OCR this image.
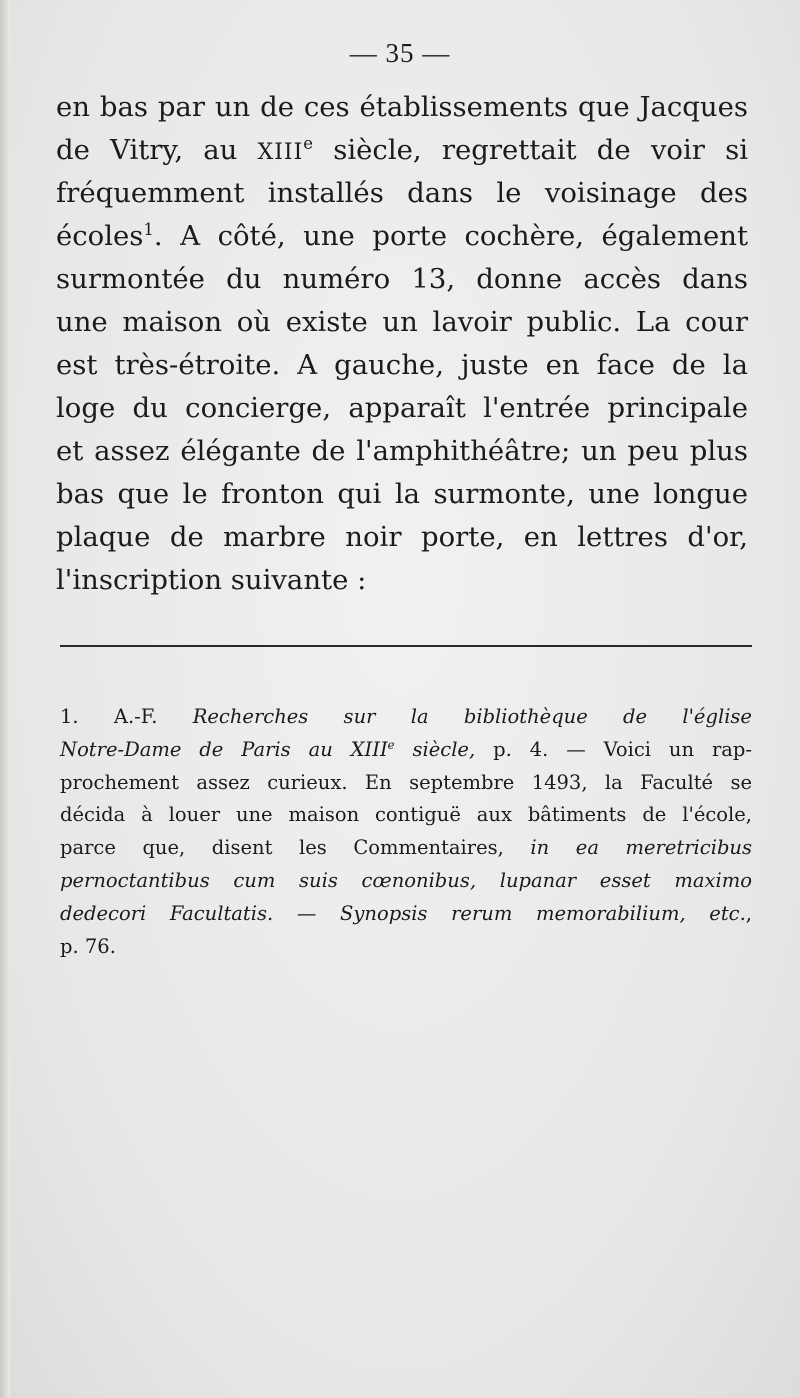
— 35 —
en bas par un de ces établissements que Jacques
de Vitry, au XIIIe siècle, regrettait de voir si
fréquemment installés dans le voisinage des
écoles$^1$. A côté, une porte cochère, également
surmontée du numéro 13, donne accès dans
une maison où existe un lavoir public. La cour
est très-étroite. A gauche, juste en face de la
loge du concierge, apparaît l'entrée principale
et assez élégante de l'amphithéâtre; un peu plus
bas que le fronton qui la surmonte, une longue
plaque de marbre noir porte, en lettres d'or,
l'inscription suivante :
1. A.-F. Recherches sur la bibliothèque de l'église
Notre-Dame de Paris au XIIIe siècle, p. 4. — Voici un rap-
prochement assez curieux. En septembre 1493, la Faculté se
décida à louer une maison contiguë aux bâtiments de l'école,
parce que, disent les Commentaires, in ea meretricibus
pernoctantibus cum suis cœnonibus, lupanar esset maximo
dedecori Facultatis. — Synopsis rerum memorabilium, etc.,
p. 76.
